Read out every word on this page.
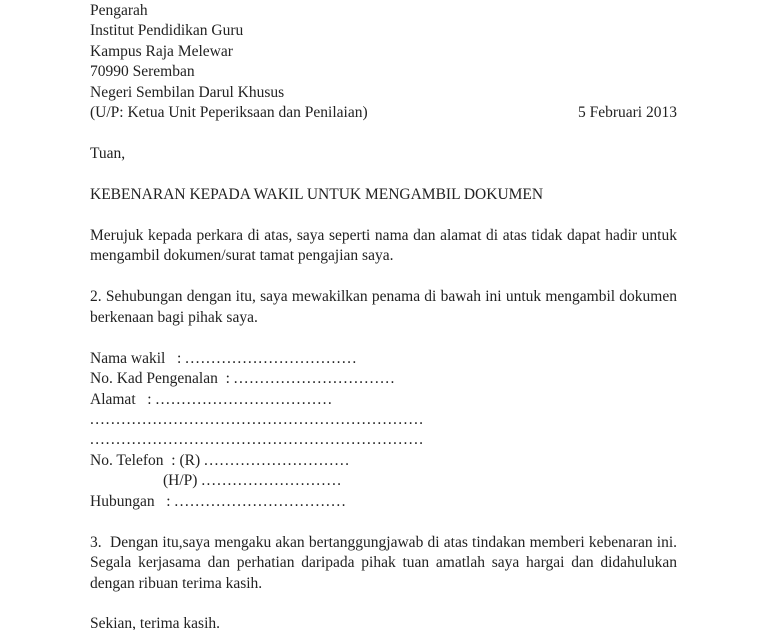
Pengarah
Institut Pendidikan Guru
Kampus Raja Melewar
70990 Seremban
Negeri Sembilan Darul Khusus
(U/P: Ketua Unit Peperiksaan dan Penilaian)	5 Februari 2013
Tuan,
KEBENARAN KEPADA WAKIL UNTUK MENGAMBIL DOKUMEN
Merujuk kepada perkara di atas, saya seperti nama dan alamat di atas tidak dapat hadir untuk mengambil dokumen/surat tamat pengajian saya.
2. Sehubungan dengan itu, saya mewakilkan penama di bawah ini untuk mengambil dokumen berkenaan bagi pihak saya.
Nama wakil   : .................................
No. Kad Pengenalan  : ...............................
Alamat   : ..................................
................................................................
................................................................
No. Telefon  : (R) ............................
(H/P) ...........................
Hubungan   : .................................
3.  Dengan itu,saya mengaku akan bertanggungjawab di atas tindakan memberi kebenaran ini. Segala kerjasama dan perhatian daripada pihak tuan amatlah saya hargai dan didahulukan dengan ribuan terima kasih.
Sekian, terima kasih.
